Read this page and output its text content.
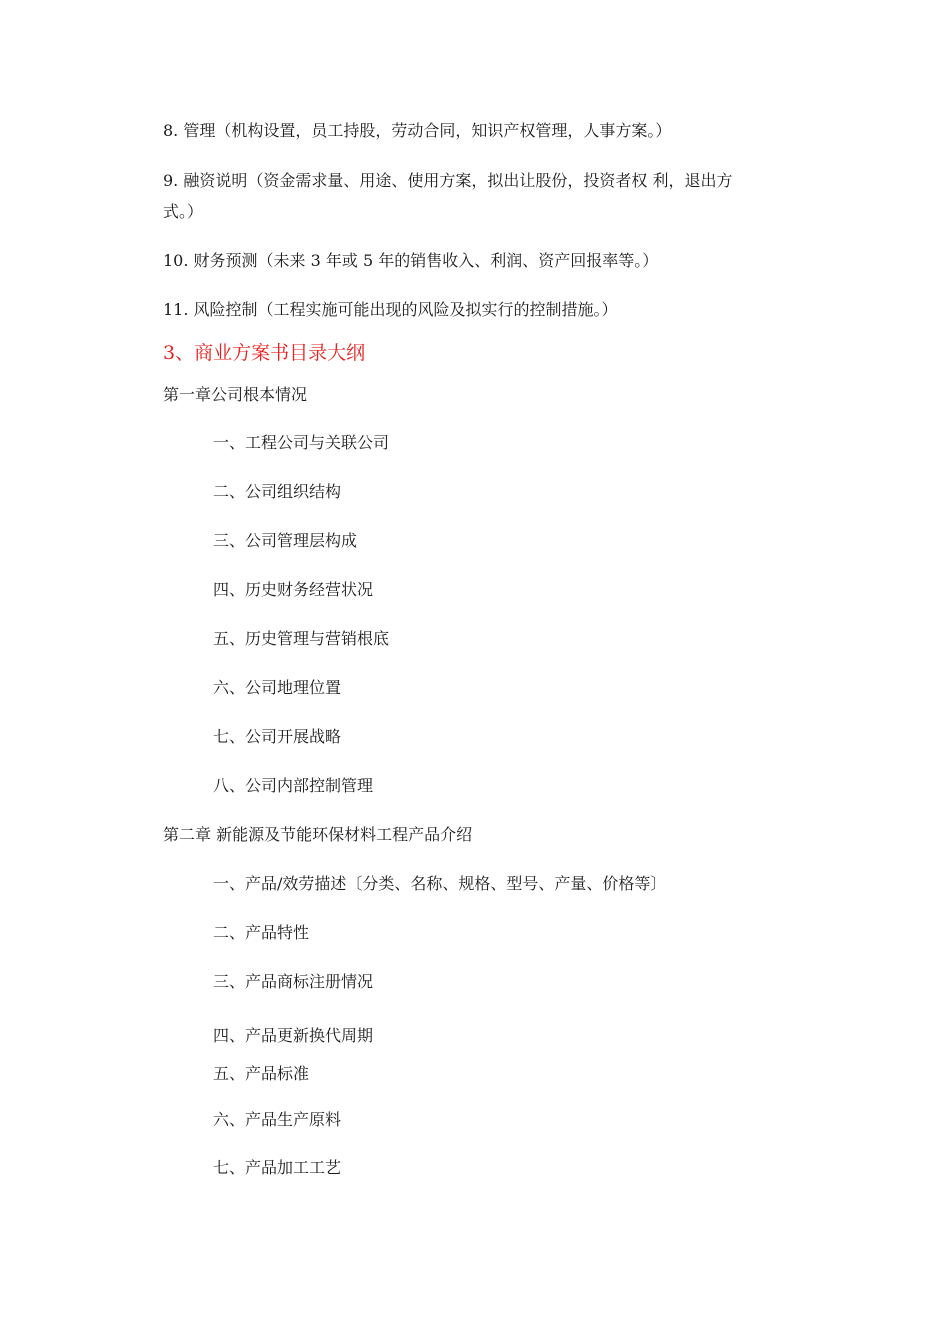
8. 管理（机构设置，员工持股，劳动合同，知识产权管理，人事方案。）
9. 融资说明（资金需求量、用途、使用方案，拟出让股份，投资者权 利，退出方
式。）
10. 财务预测（未来 3 年或 5 年的销售收入、利润、资产回报率等。）
11. 风险控制（工程实施可能出现的风险及拟实行的控制措施。）
3、商业方案书目录大纲
第一章公司根本情况
一、工程公司与关联公司
二、公司组织结构
三、公司管理层构成
四、历史财务经营状况
五、历史管理与营销根底
六、公司地理位置
七、公司开展战略
八、公司内部控制管理
第二章 新能源及节能环保材料工程产品介绍
一、产品/效劳描述〔分类、名称、规格、型号、产量、价格等〕
二、产品特性
三、产品商标注册情况
四、产品更新换代周期
五、产品标准
六、产品生产原料
七、产品加工工艺
